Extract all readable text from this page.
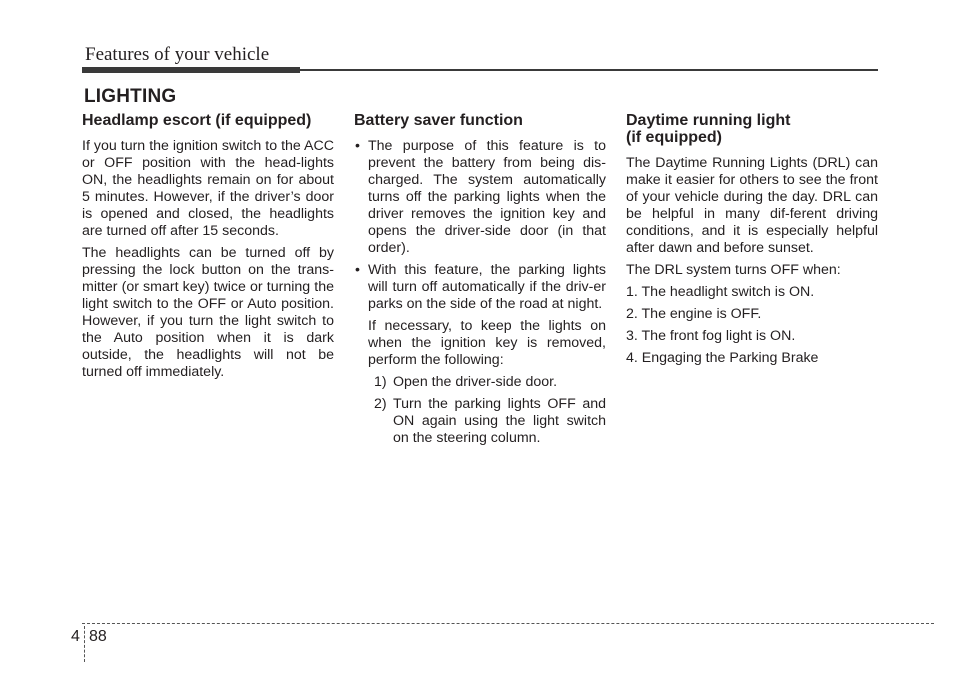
Features of your vehicle
LIGHTING
Headlamp escort (if equipped)

If you turn the ignition switch to the ACC or OFF position with the head-lights ON, the headlights remain on for about 5 minutes. However, if the driver’s door is opened and closed, the headlights are turned off after 15 seconds.

The headlights can be turned off by pressing the lock button on the trans-mitter (or smart key) twice or turning the light switch to the OFF or Auto position. However, if you turn the light switch to the Auto position when it is dark outside, the headlights will not be turned off immediately.

Battery saver function
• The purpose of this feature is to prevent the battery from being dis-charged. The system automatically turns off the parking lights when the driver removes the ignition key and opens the driver-side door (in that order).
• With this feature, the parking lights will turn off automatically if the driv-er parks on the side of the road at night.
If necessary, to keep the lights on when the ignition key is removed, perform the following:
1) Open the driver-side door.
2) Turn the parking lights OFF and ON again using the light switch on the steering column.
Daytime running light
(if equipped)

The Daytime Running Lights (DRL) can make it easier for others to see the front of your vehicle during the day. DRL can be helpful in many dif-ferent driving conditions, and it is especially helpful after dawn and before sunset.

The DRL system turns OFF when:

1. The headlight switch is ON.
2. The engine is OFF.
3. The front fog light is ON.
4. Engaging the Parking Brake
4 88
